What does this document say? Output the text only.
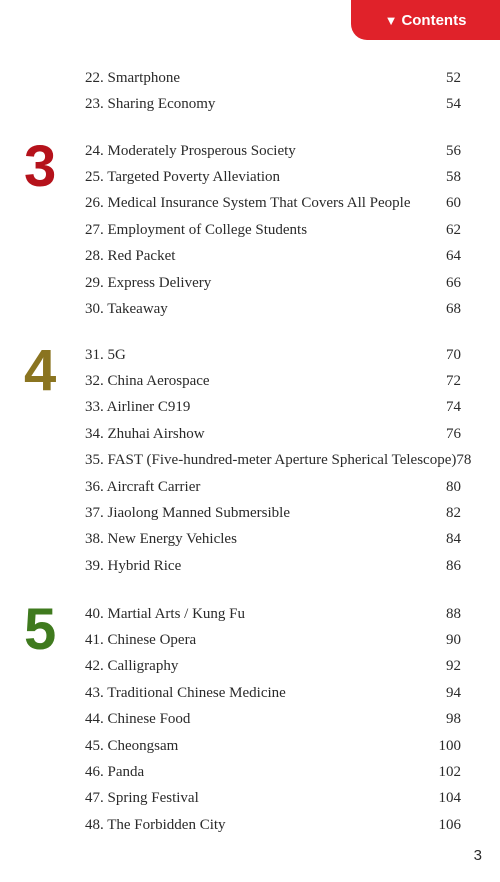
▼ Contents
22. Smartphone	52
23. Sharing Economy	54
3 24. Moderately Prosperous Society	56
25. Targeted Poverty Alleviation	58
26. Medical Insurance System That Covers All People 60
27. Employment of College Students	62
28. Red Packet	64
29. Express Delivery	66
30. Takeaway	68
4 31. 5G	70
32. China Aerospace	72
33. Airliner C919	74
34. Zhuhai Airshow	76
35. FAST (Five-hundred-meter Aperture Spherical Telescope) 78
36. Aircraft Carrier	80
37. Jiaolong Manned Submersible	82
38. New Energy Vehicles	84
39. Hybrid Rice	86
5 40. Martial Arts / Kung Fu	88
41. Chinese Opera	90
42. Calligraphy	92
43. Traditional Chinese Medicine	94
44. Chinese Food	98
45. Cheongsam	100
46. Panda	102
47. Spring Festival	104
48. The Forbidden City	106
3
